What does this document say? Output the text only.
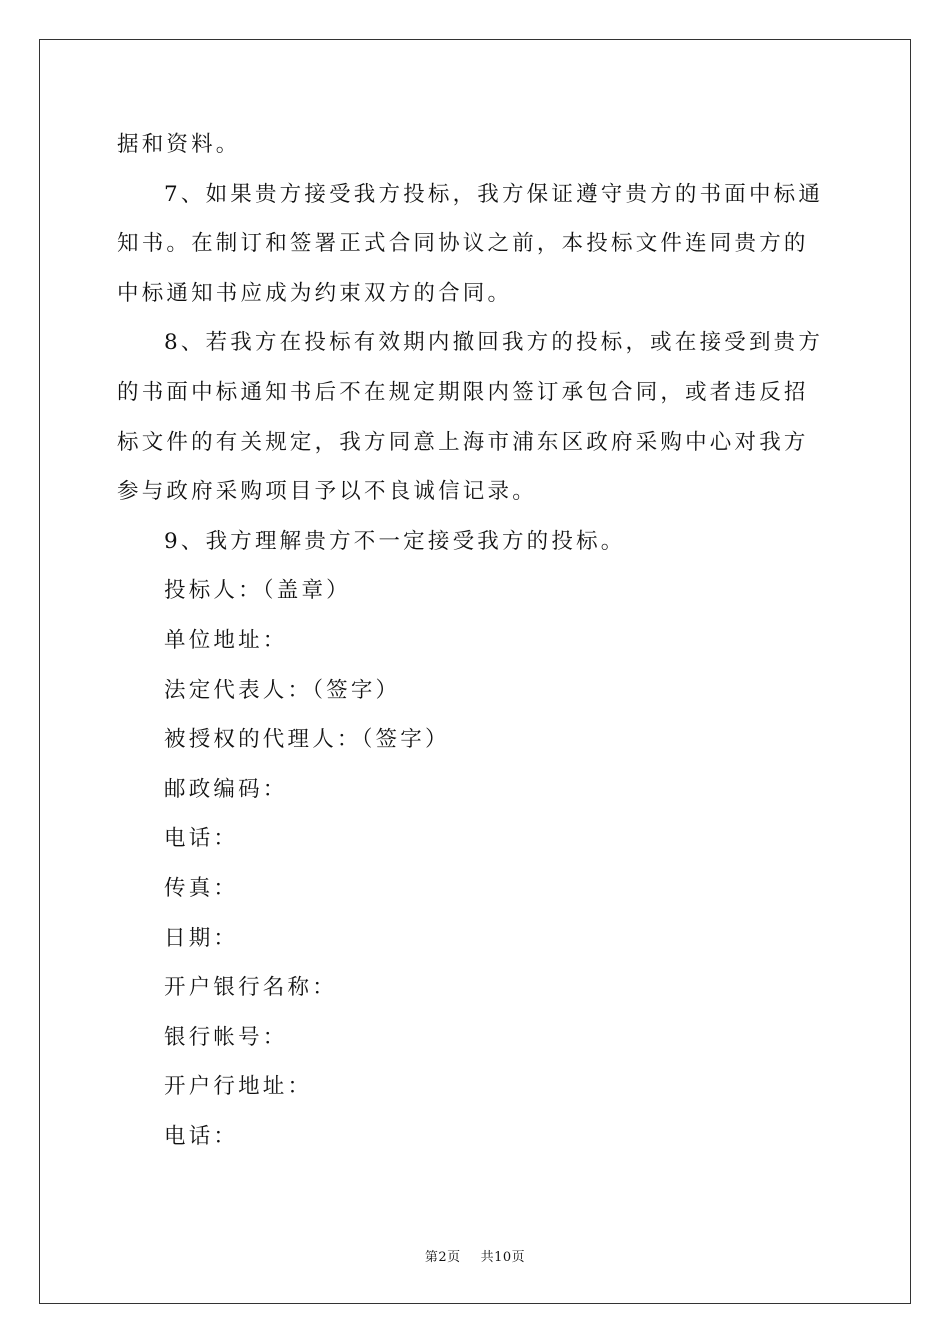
据和资料。

7、如果贵方接受我方投标，我方保证遵守贵方的书面中标通知书。在制订和签署正式合同协议之前，本投标文件连同贵方的中标通知书应成为约束双方的合同。

8、若我方在投标有效期内撤回我方的投标，或在接受到贵方的书面中标通知书后不在规定期限内签订承包合同，或者违反招标文件的有关规定，我方同意上海市浦东区政府采购中心对我方参与政府采购项目予以不良诚信记录。

9、我方理解贵方不一定接受我方的投标。

投标人：（盖章）

单位地址：

法定代表人：（签字）

被授权的代理人：（签字）

邮政编码：

电话：

传真：

日期：

开户银行名称：

银行帐号：

开户行地址：

电话：

第2页 共10页
